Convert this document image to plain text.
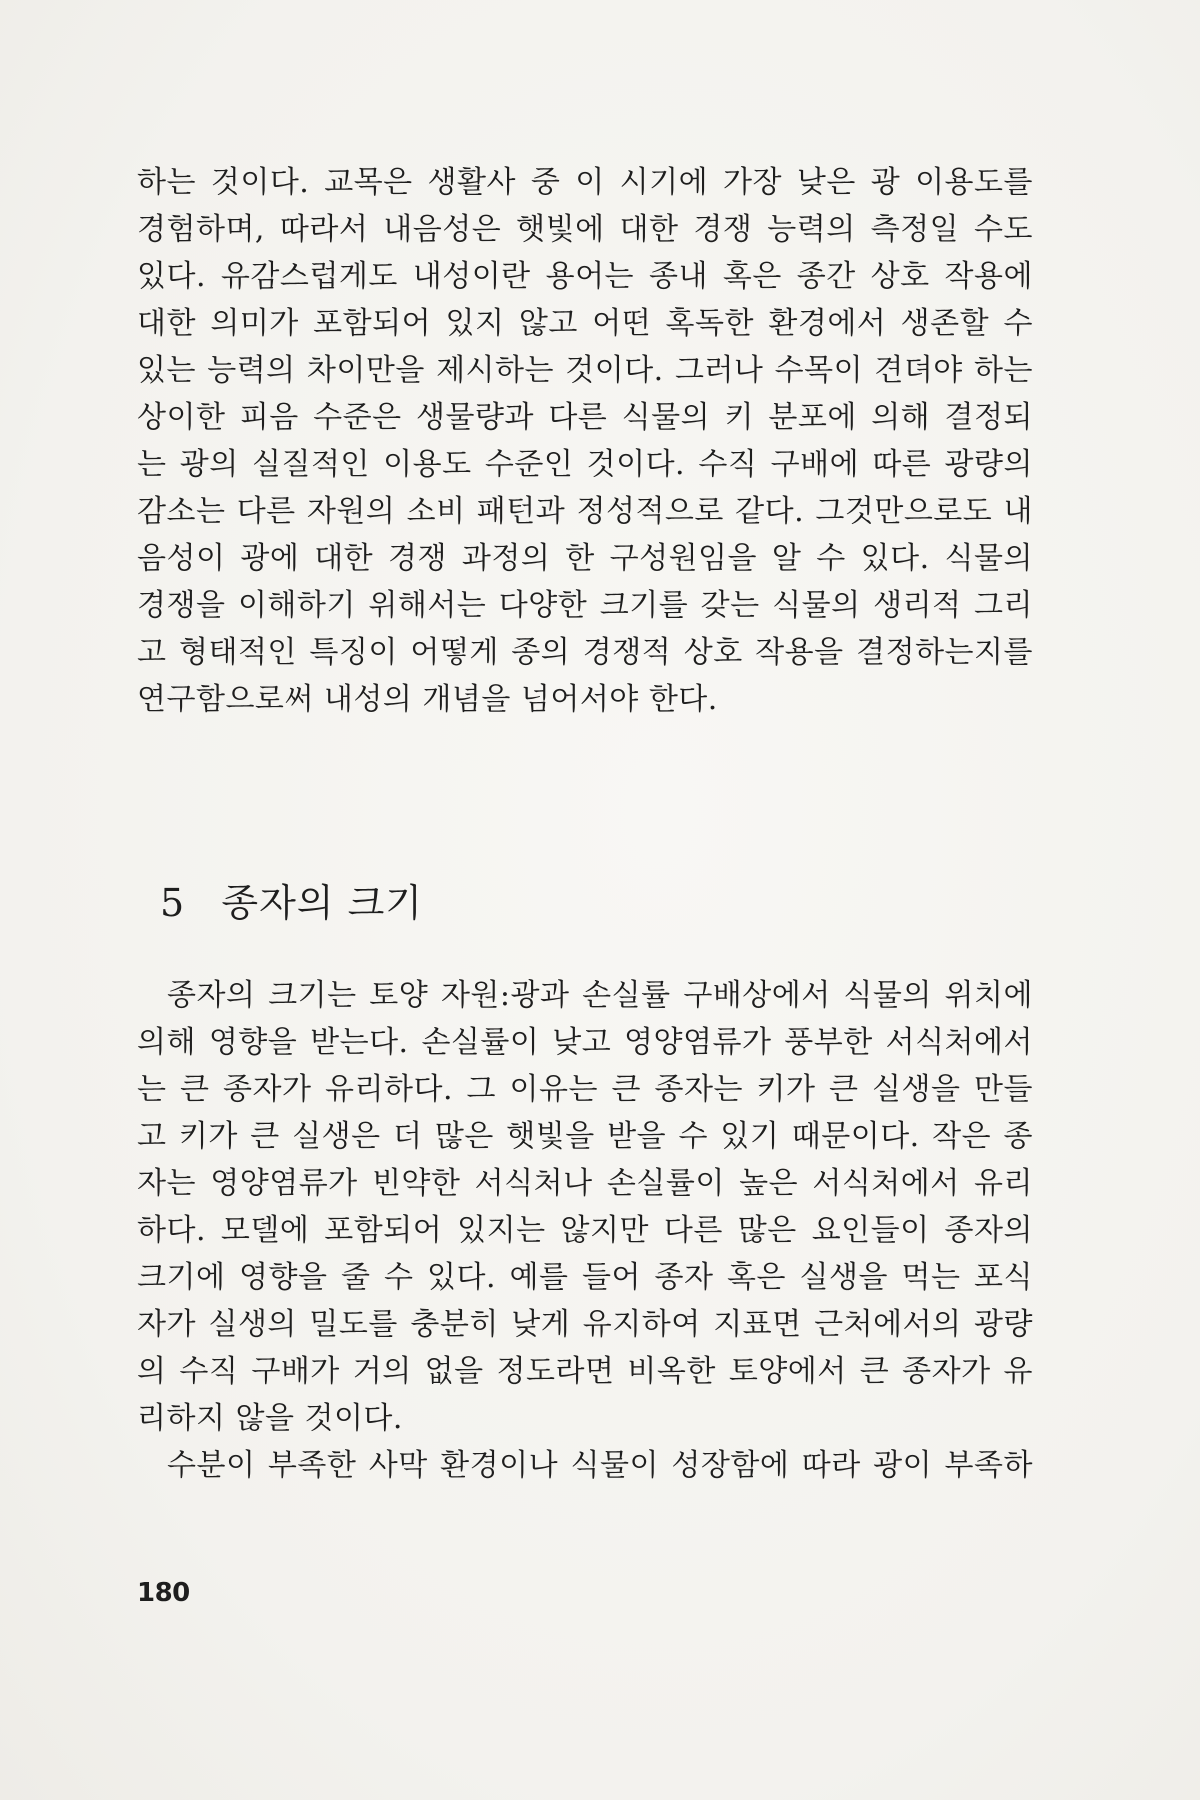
하는 것이다. 교목은 생활사 중 이 시기에 가장 낮은 광 이용도를
경험하며, 따라서 내음성은 햇빛에 대한 경쟁 능력의 측정일 수도
있다. 유감스럽게도 내성이란 용어는 종내 혹은 종간 상호 작용에
대한 의미가 포함되어 있지 않고 어떤 혹독한 환경에서 생존할 수
있는 능력의 차이만을 제시하는 것이다. 그러나 수목이 견뎌야 하는
상이한 피음 수준은 생물량과 다른 식물의 키 분포에 의해 결정되
는 광의 실질적인 이용도 수준인 것이다. 수직 구배에 따른 광량의
감소는 다른 자원의 소비 패턴과 정성적으로 같다. 그것만으로도 내
음성이 광에 대한 경쟁 과정의 한 구성원임을 알 수 있다. 식물의
경쟁을 이해하기 위해서는 다양한 크기를 갖는 식물의 생리적 그리
고 형태적인 특징이 어떻게 종의 경쟁적 상호 작용을 결정하는지를
연구함으로써 내성의 개념을 넘어서야 한다.
5 종자의 크기
종자의 크기는 토양 자원:광과 손실률 구배상에서 식물의 위치에
의해 영향을 받는다. 손실률이 낮고 영양염류가 풍부한 서식처에서
는 큰 종자가 유리하다. 그 이유는 큰 종자는 키가 큰 실생을 만들
고 키가 큰 실생은 더 많은 햇빛을 받을 수 있기 때문이다. 작은 종
자는 영양염류가 빈약한 서식처나 손실률이 높은 서식처에서 유리
하다. 모델에 포함되어 있지는 않지만 다른 많은 요인들이 종자의
크기에 영향을 줄 수 있다. 예를 들어 종자 혹은 실생을 먹는 포식
자가 실생의 밀도를 충분히 낮게 유지하여 지표면 근처에서의 광량
의 수직 구배가 거의 없을 정도라면 비옥한 토양에서 큰 종자가 유
리하지 않을 것이다.
수분이 부족한 사막 환경이나 식물이 성장함에 따라 광이 부족하
180
